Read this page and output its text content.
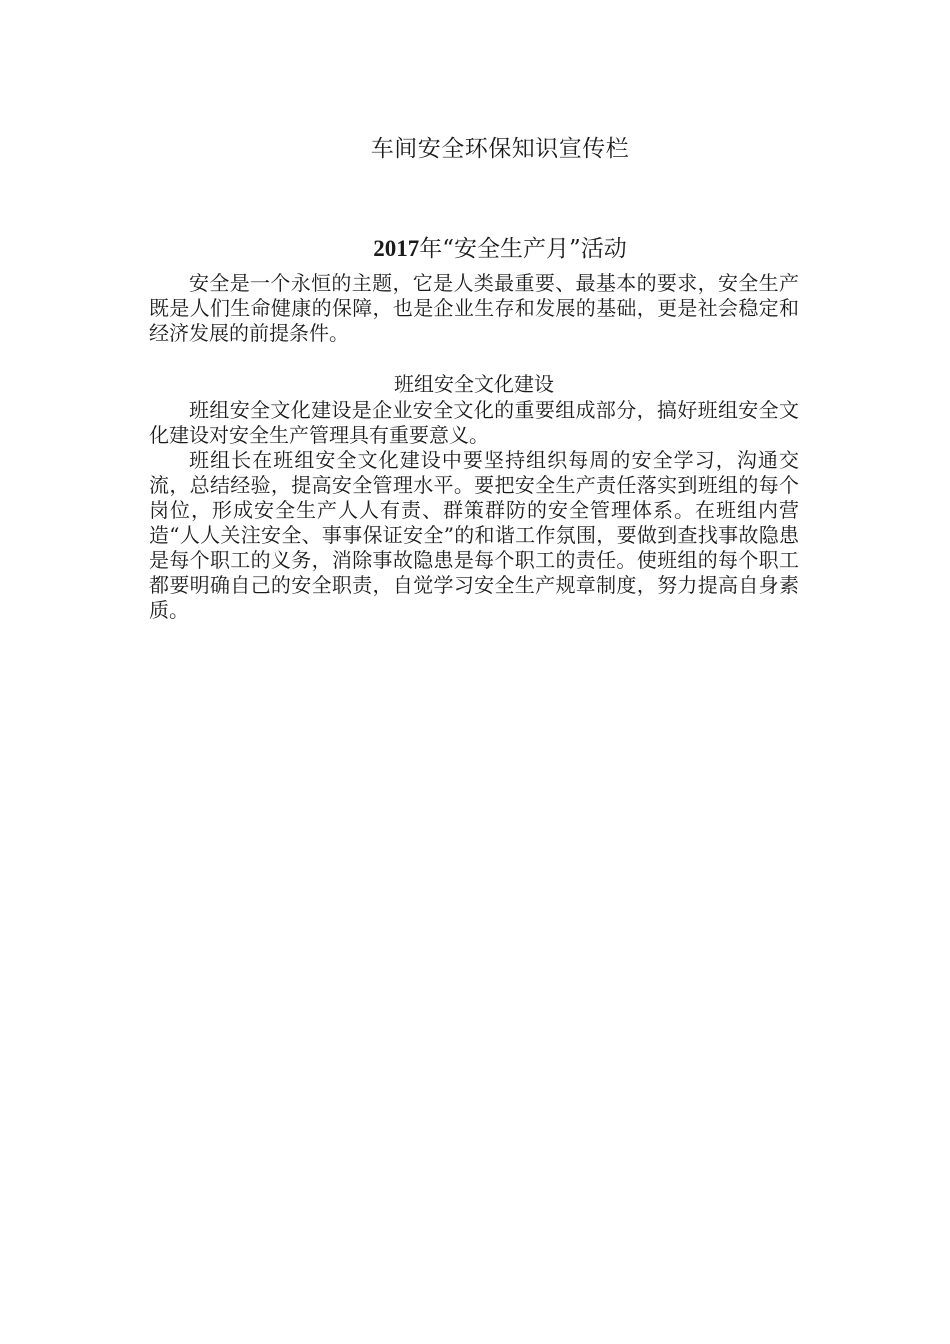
车间安全环保知识宣传栏
2017年“安全生产月”活动

安全是一个永恒的主题，它是人类最重要、最基本的要求，安全生产既是人们生命健康的保障，也是企业生存和发展的基础，更是社会稳定和经济发展的前提条件。

班组安全文化建设

班组安全文化建设是企业安全文化的重要组成部分，搞好班组安全文化建设对安全生产管理具有重要意义。

班组长在班组安全文化建设中要坚持组织每周的安全学习，沟通交流，总结经验，提高安全管理水平。要把安全生产责任落实到班组的每个岗位，形成安全生产人人有责、群策群防的安全管理体系。在班组内营造“人人关注安全、事事保证安全”的和谐工作氛围，要做到查找事故隐患是每个职工的义务，消除事故隐患是每个职工的责任。使班组的每个职工都要明确自己的安全职责，自觉学习安全生产规章制度，努力提高自身素质。
